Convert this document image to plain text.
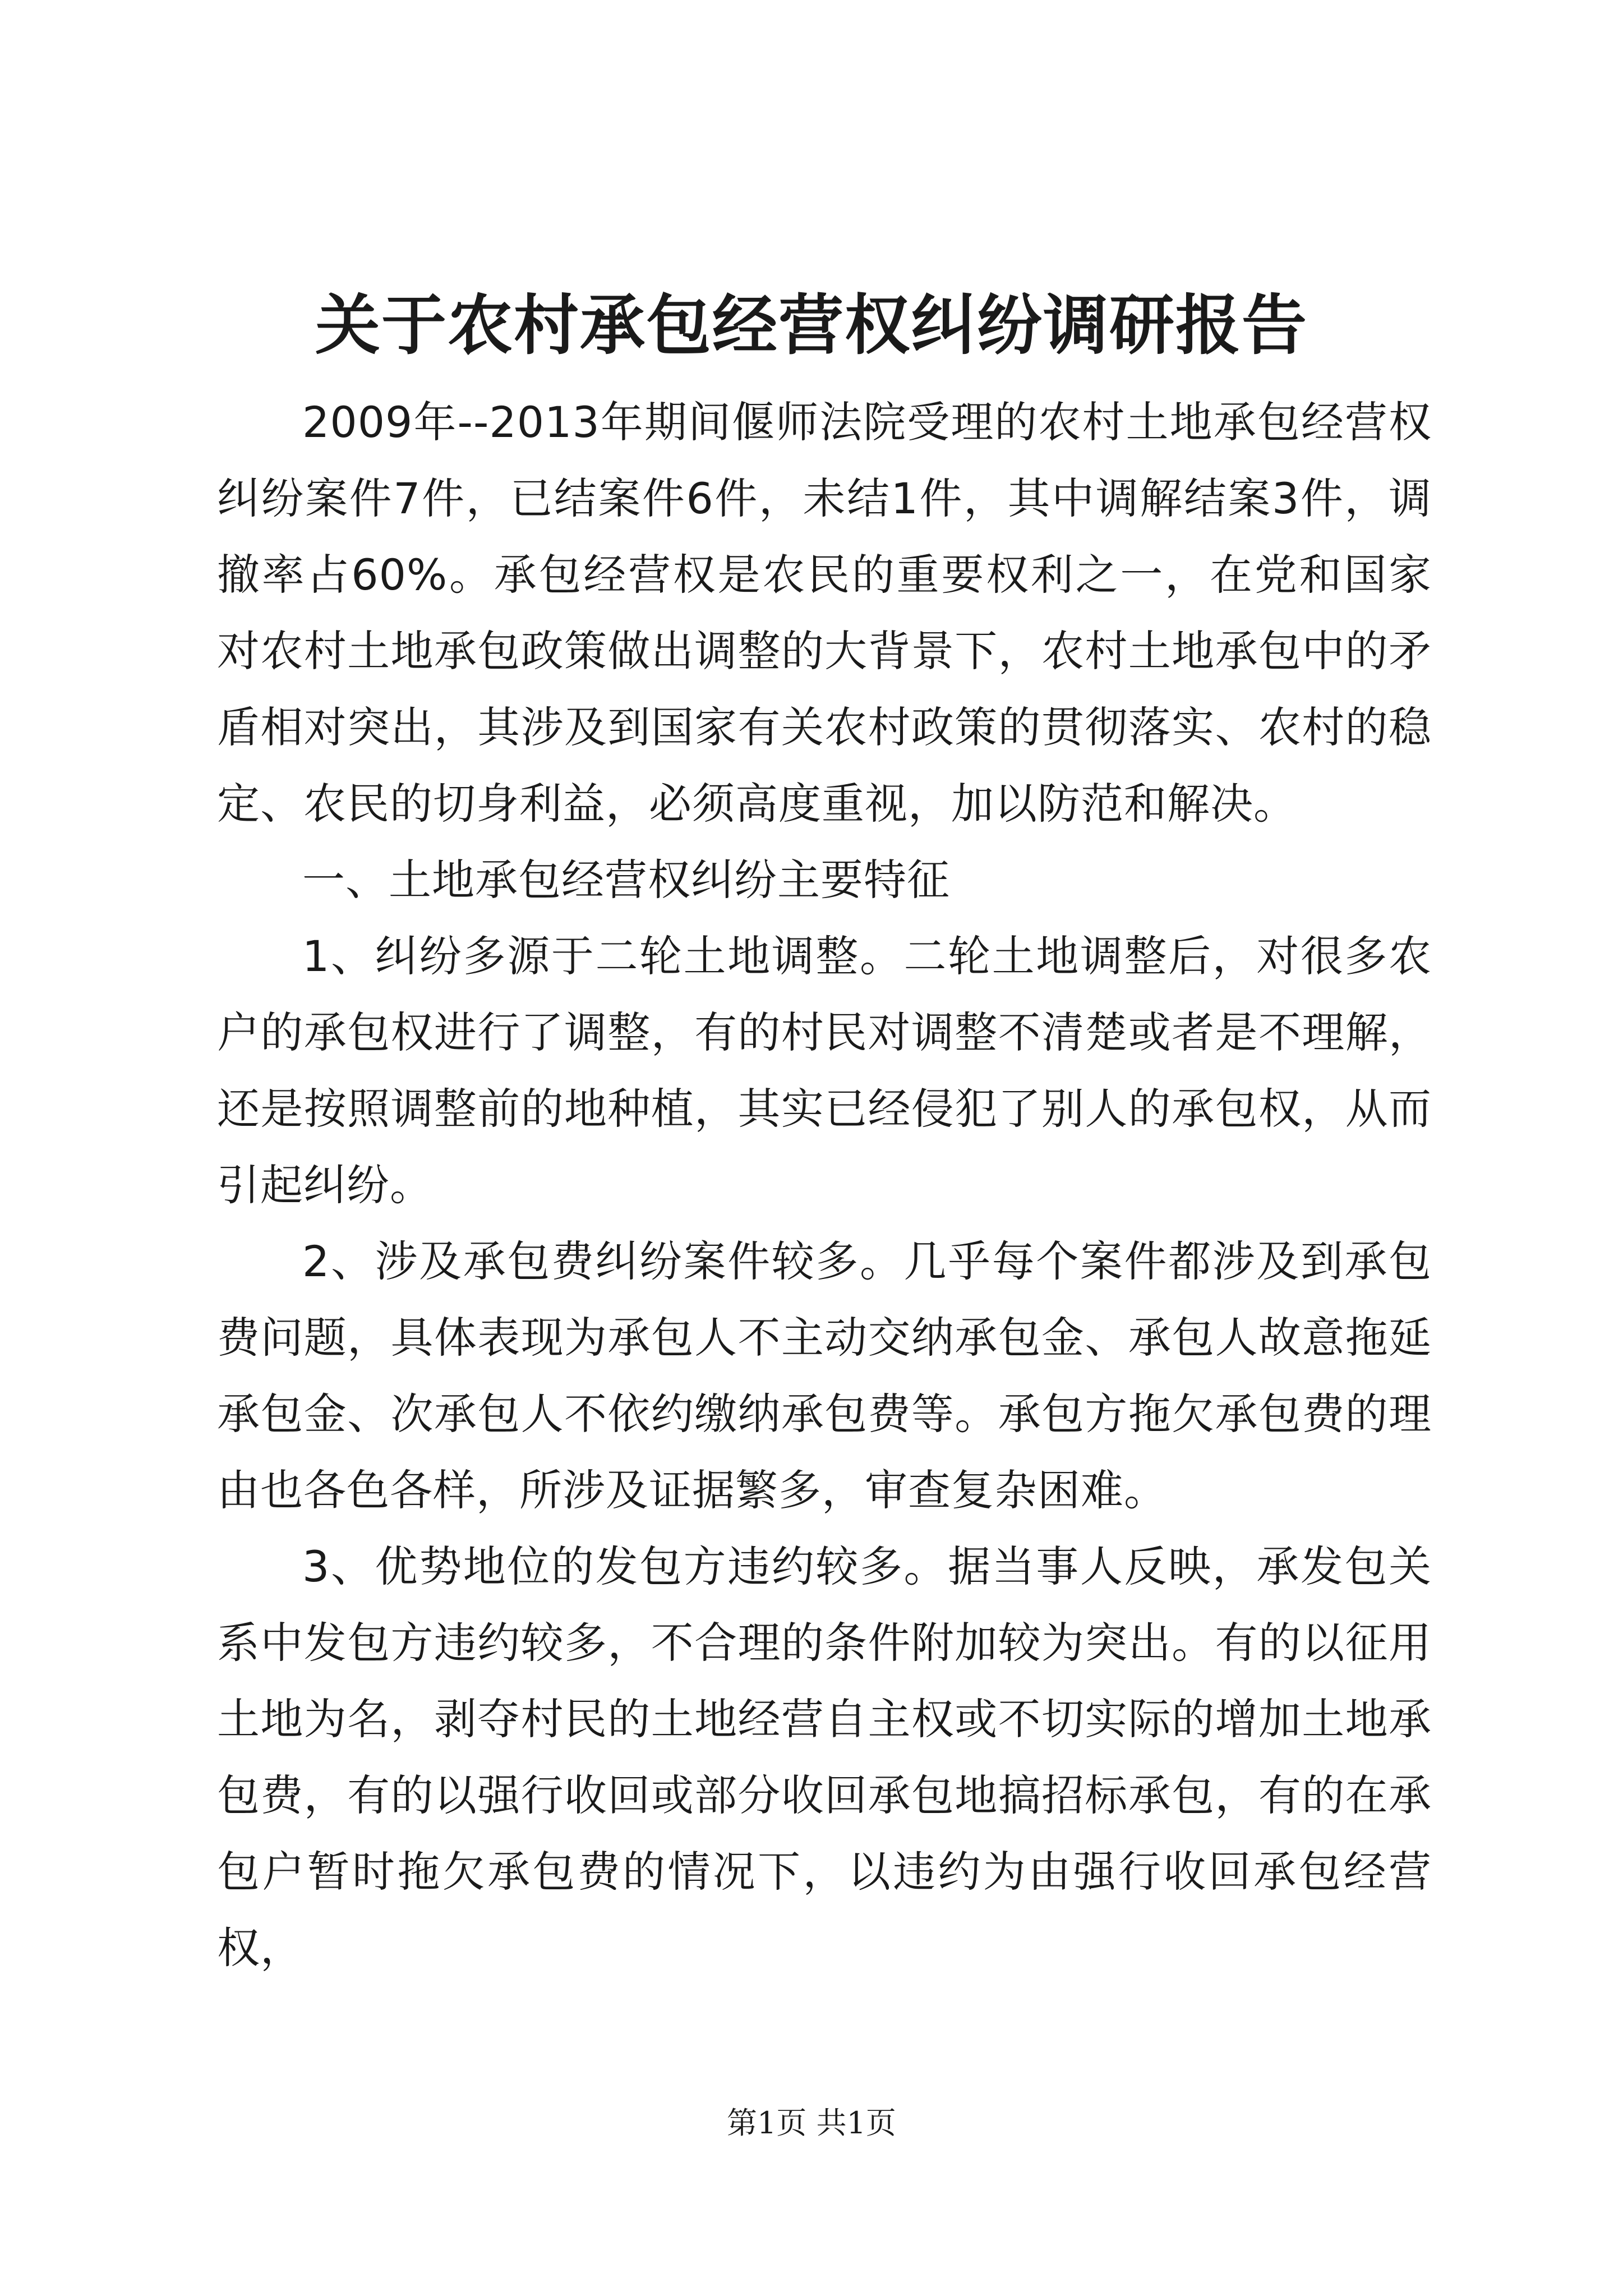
关于农村承包经营权纠纷调研报告

2009年--2013年期间偃师法院受理的农村土地承包经营权纠纷案件7件，已结案件6件，未结1件，其中调解结案3件，调撤率占60%。承包经营权是农民的重要权利之一，在党和国家对农村土地承包政策做出调整的大背景下，农村土地承包中的矛盾相对突出，其涉及到国家有关农村政策的贯彻落实、农村的稳定、农民的切身利益，必须高度重视，加以防范和解决。

一、土地承包经营权纠纷主要特征

1、纠纷多源于二轮土地调整。二轮土地调整后，对很多农户的承包权进行了调整，有的村民对调整不清楚或者是不理解，还是按照调整前的地种植，其实已经侵犯了别人的承包权，从而引起纠纷。

2、涉及承包费纠纷案件较多。几乎每个案件都涉及到承包费问题，具体表现为承包人不主动交纳承包金、承包人故意拖延承包金、次承包人不依约缴纳承包费等。承包方拖欠承包费的理由也各色各样，所涉及证据繁多，审查复杂困难。

3、优势地位的发包方违约较多。据当事人反映，承发包关系中发包方违约较多，不合理的条件附加较为突出。有的以征用土地为名，剥夺村民的土地经营自主权或不切实际的增加土地承包费，有的以强行收回或部分收回承包地搞招标承包，有的在承包户暂时拖欠承包费的情况下，以违约为由强行收回承包经营权，

第1页 共1页
